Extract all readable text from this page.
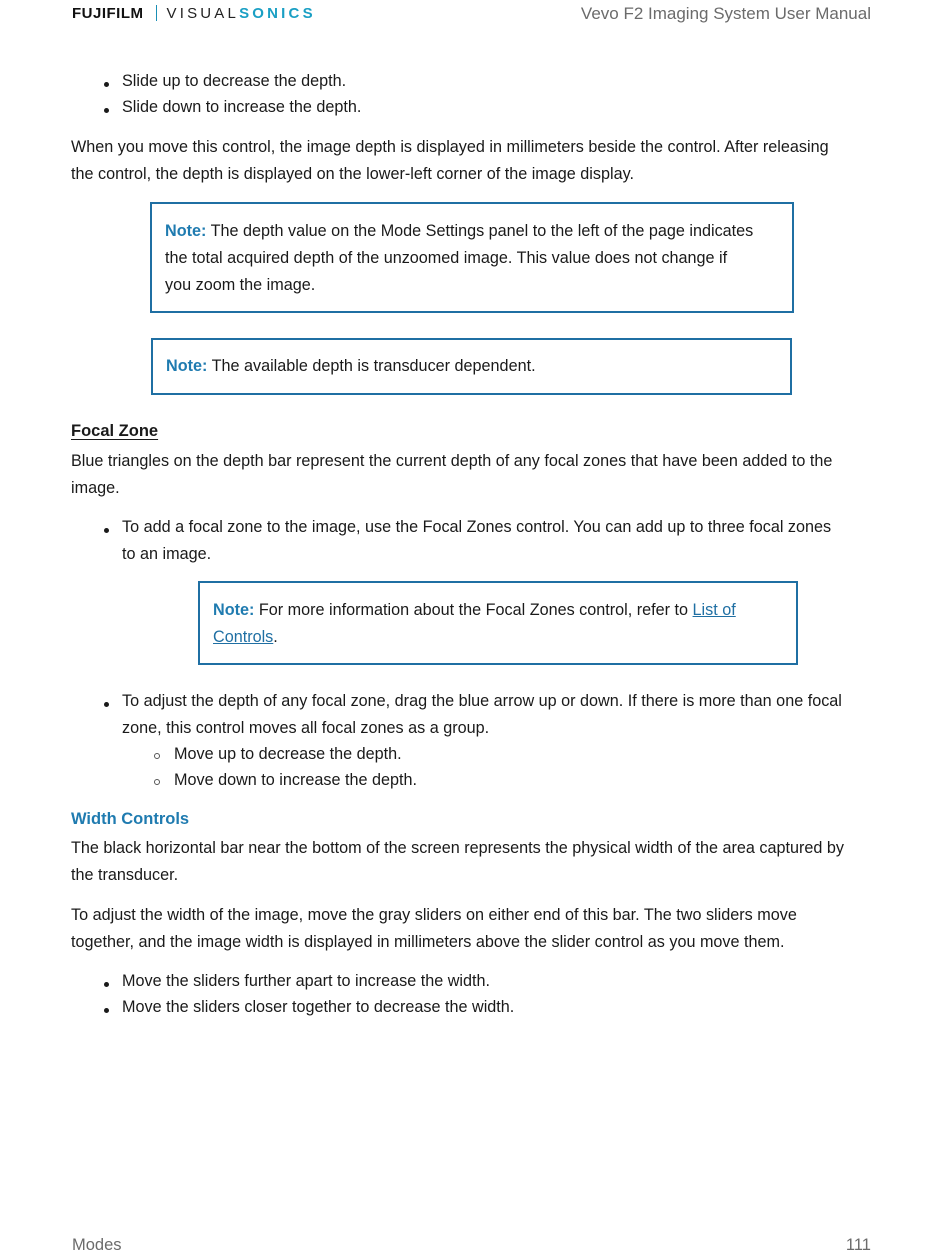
FUJIFILM VISUAL SONICS	Vevo F2 Imaging System User Manual
Slide up to decrease the depth.
Slide down to increase the depth.
When you move this control, the image depth is displayed in millimeters beside the control. After releasing
the control, the depth is displayed on the lower-left corner of the image display.
Note: The depth value on the Mode Settings panel to the left of the page indicates
the total acquired depth of the unzoomed image. This value does not change if
you zoom the image.
Note: The available depth is transducer dependent.
Focal Zone
Blue triangles on the depth bar represent the current depth of any focal zones that have been added to the
image.
To add a focal zone to the image, use the Focal Zones control. You can add up to three focal zones
to an image.
Note: For more information about the Focal Zones control, refer to List of
Controls.
To adjust the depth of any focal zone, drag the blue arrow up or down. If there is more than one focal
zone, this control moves all focal zones as a group.
Move up to decrease the depth.
Move down to increase the depth.
Width Controls
The black horizontal bar near the bottom of the screen represents the physical width of the area captured by
the transducer.
To adjust the width of the image, move the gray sliders on either end of this bar. The two sliders move
together, and the image width is displayed in millimeters above the slider control as you move them.
Move the sliders further apart to increase the width.
Move the sliders closer together to decrease the width.
Modes	111
